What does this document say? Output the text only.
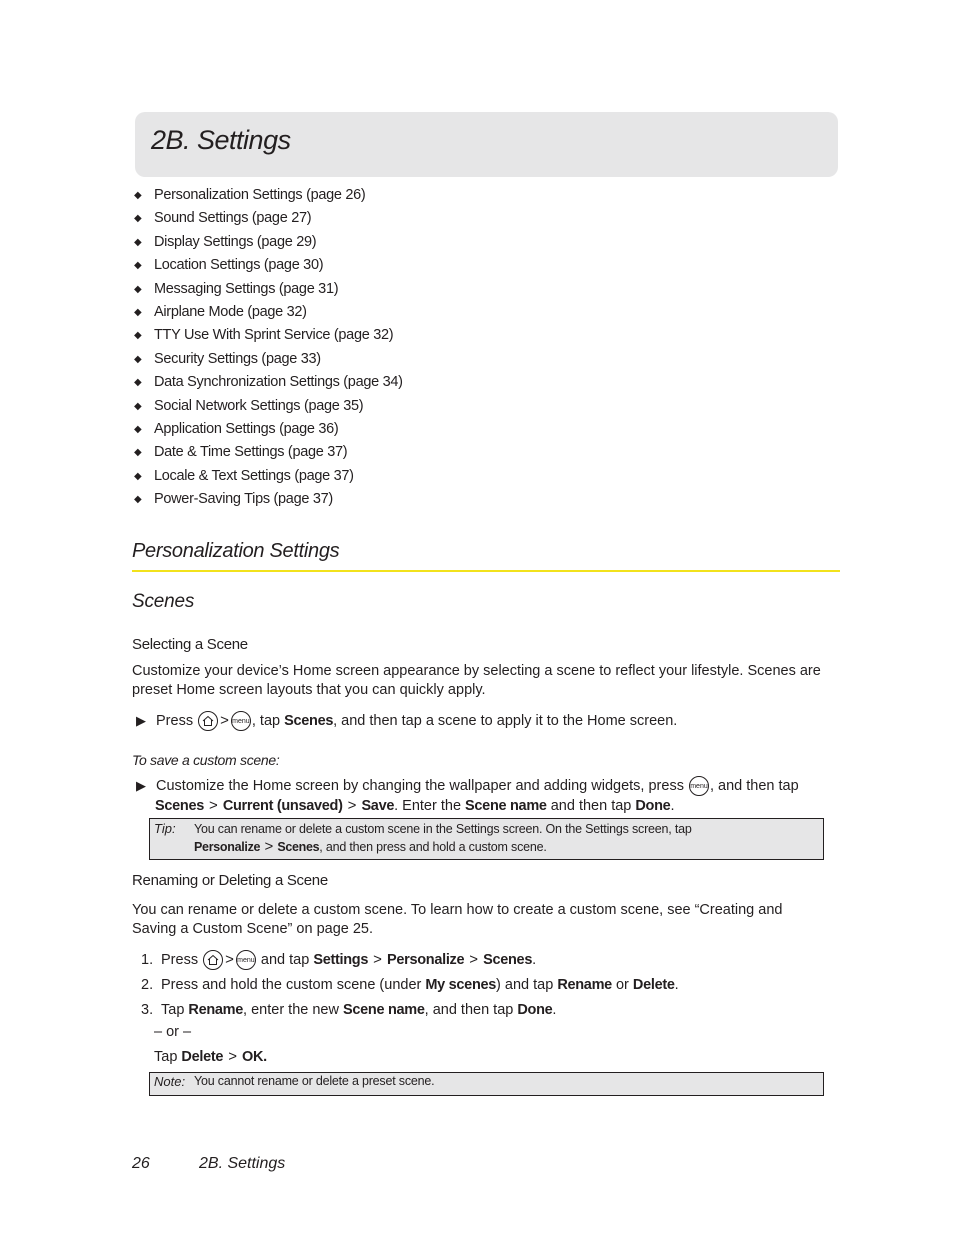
2B. Settings
◆ Personalization Settings (page 26)
◆ Sound Settings (page 27)
◆ Display Settings (page 29)
◆ Location Settings (page 30)
◆ Messaging Settings (page 31)
◆ Airplane Mode (page 32)
◆ TTY Use With Sprint Service (page 32)
◆ Security Settings (page 33)
◆ Data Synchronization Settings (page 34)
◆ Social Network Settings (page 35)
◆ Application Settings (page 36)
◆ Date & Time Settings (page 37)
◆ Locale & Text Settings (page 37)
◆ Power-Saving Tips (page 37)
Personalization Settings
Scenes
Selecting a Scene
Customize your device’s Home screen appearance by selecting a scene to reflect your lifestyle. Scenes are
preset Home screen layouts that you can quickly apply.
▶ Press > menu , tap Scenes, and then tap a scene to apply it to the Home screen.
To save a custom scene:
▶ Customize the Home screen by changing the wallpaper and adding widgets, press menu , and then tap
Scenes > Current (unsaved) > Save. Enter the Scene name and then tap Done.
Tip: You can rename or delete a custom scene in the Settings screen. On the Settings screen, tap
Personalize > Scenes, and then press and hold a custom scene.
Renaming or Deleting a Scene
You can rename or delete a custom scene. To learn how to create a custom scene, see “Creating and
Saving a Custom Scene” on page 25.
1. Press > menu and tap Settings > Personalize > Scenes.
2. Press and hold the custom scene (under My scenes) and tap Rename or Delete.
3. Tap Rename, enter the new Scene name, and then tap Done.
– or –
Tap Delete > OK.
Note: You cannot rename or delete a preset scene.
26	2B. Settings
